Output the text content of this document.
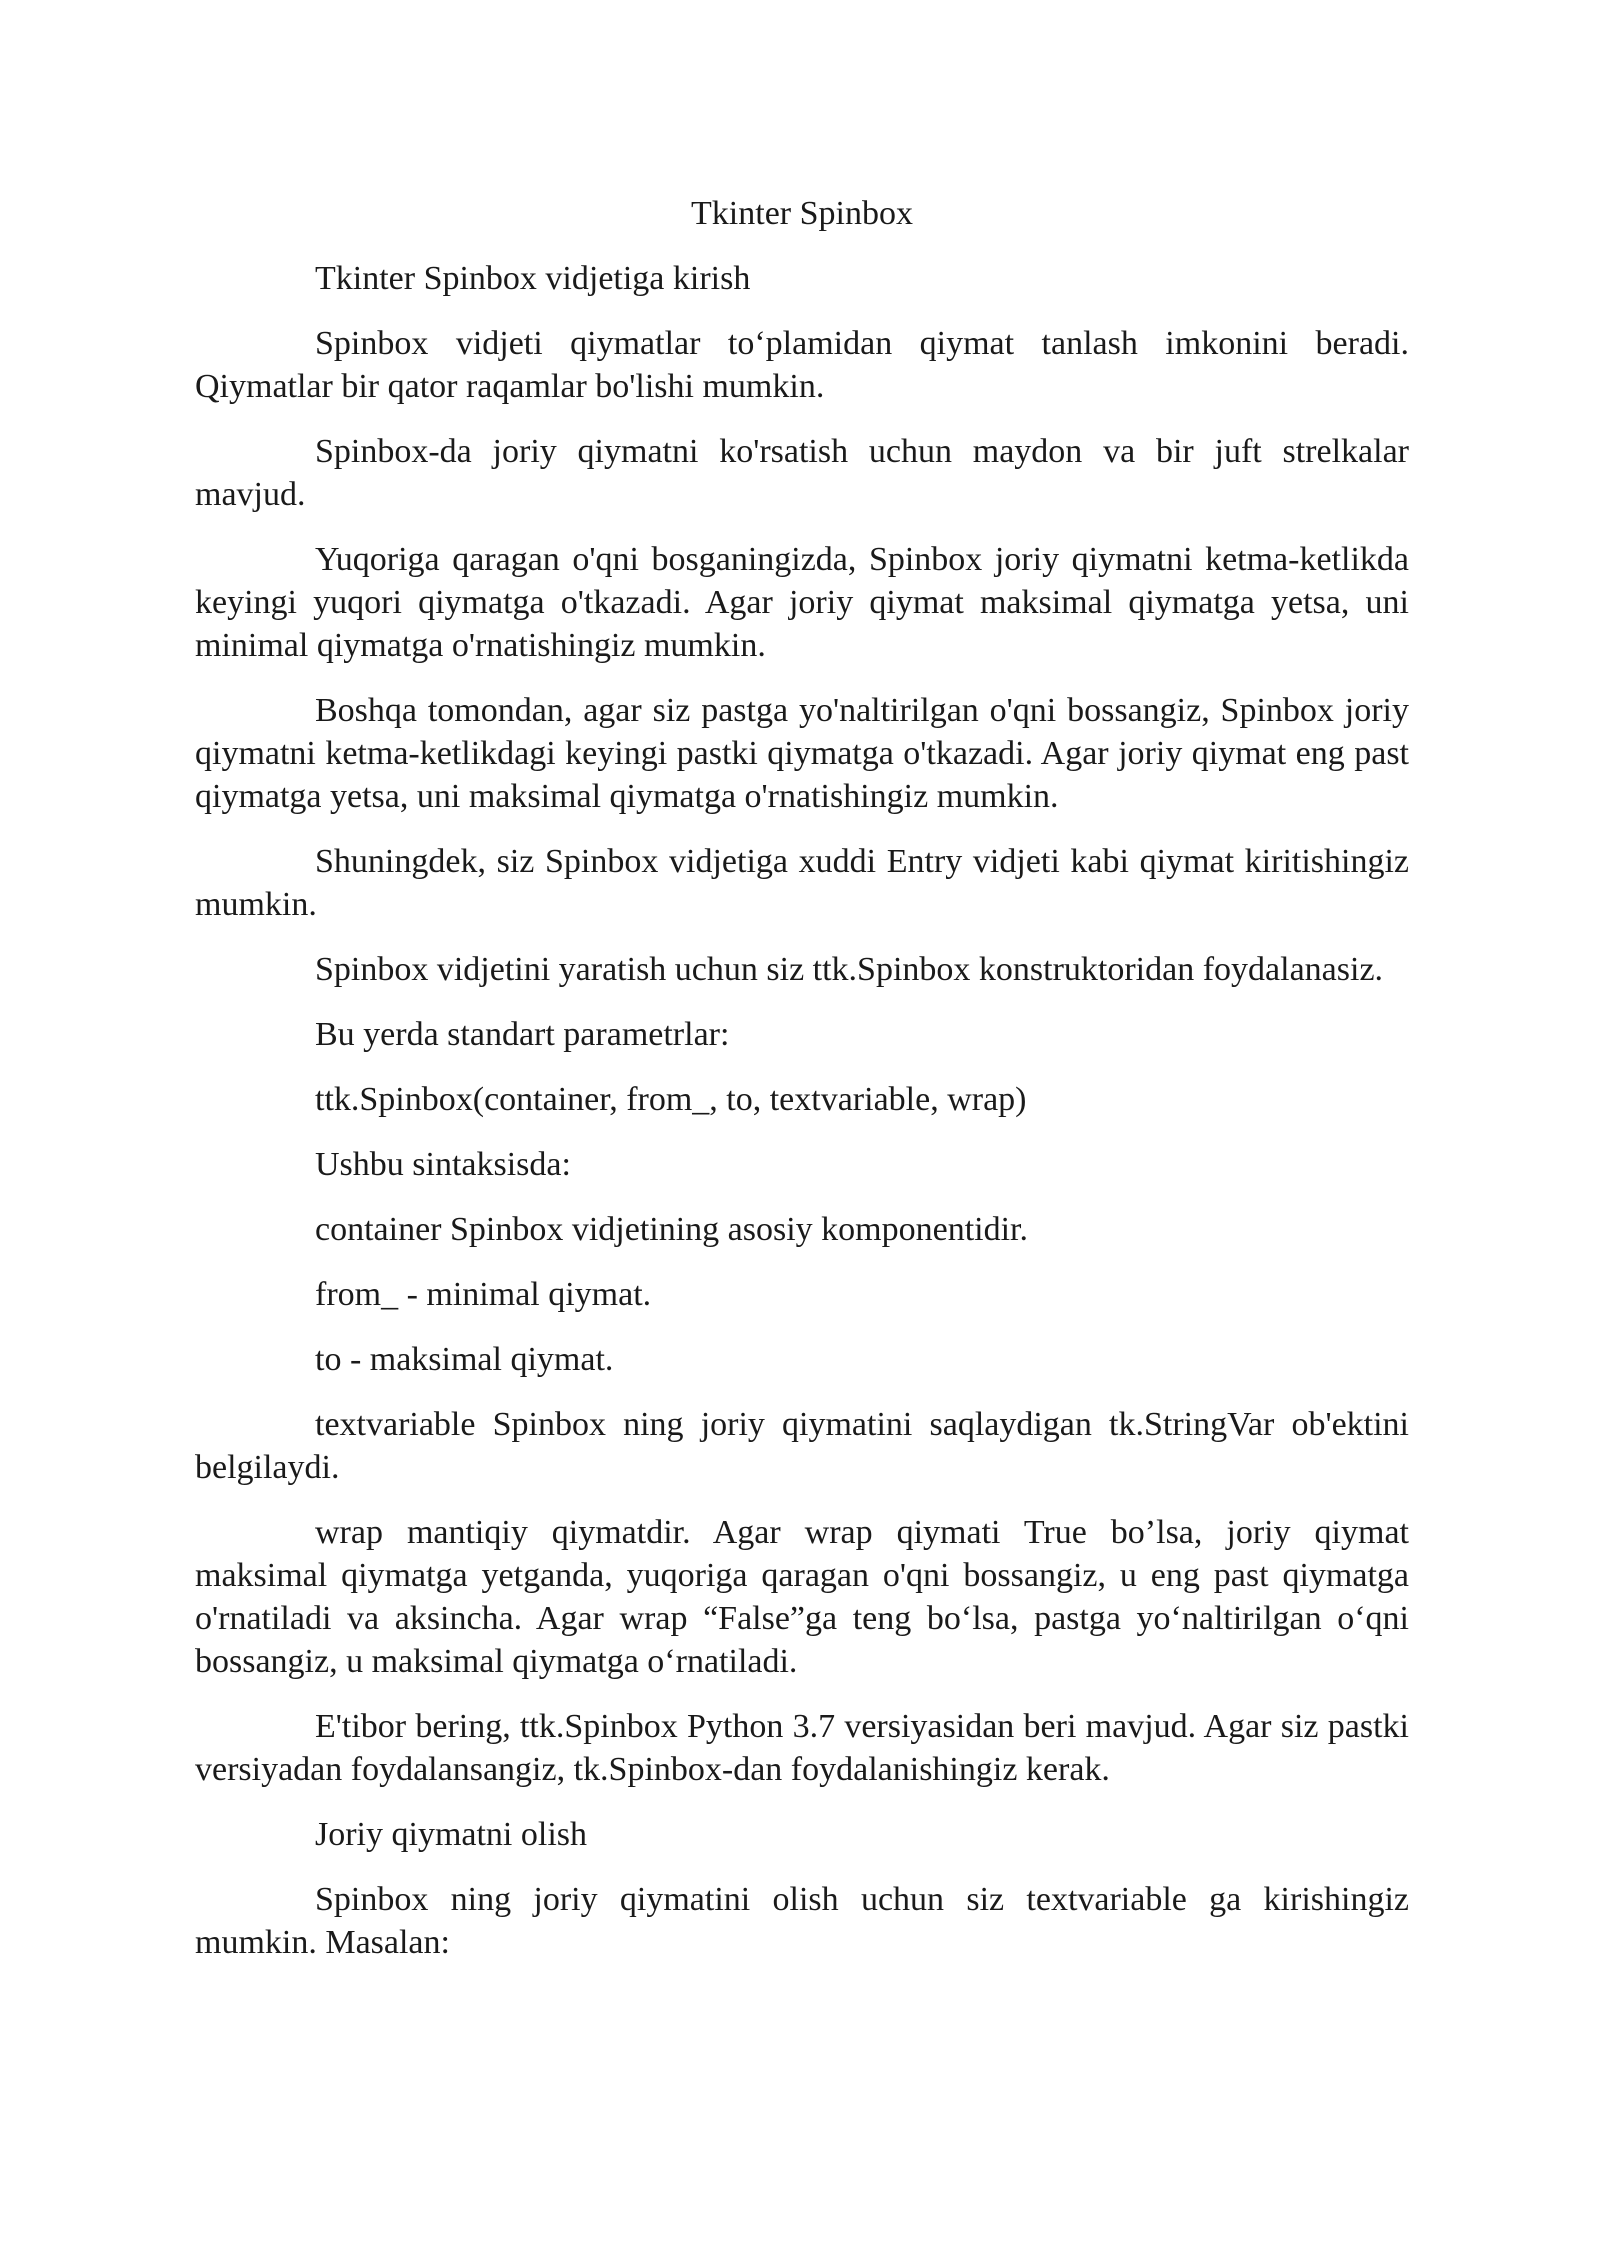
Tkinter Spinbox

Tkinter Spinbox vidjetiga kirish

Spinbox vidjeti qiymatlar to‘plamidan qiymat tanlash imkonini beradi. Qiymatlar bir qator raqamlar bo'lishi mumkin.

Spinbox-da joriy qiymatni ko'rsatish uchun maydon va bir juft strelkalar mavjud.

Yuqoriga qaragan o'qni bosganingizda, Spinbox joriy qiymatni ketma-ketlikda keyingi yuqori qiymatga o'tkazadi. Agar joriy qiymat maksimal qiymatga yetsa, uni minimal qiymatga o'rnatishingiz mumkin.

Boshqa tomondan, agar siz pastga yo'naltirilgan o'qni bossangiz, Spinbox joriy qiymatni ketma-ketlikdagi keyingi pastki qiymatga o'tkazadi. Agar joriy qiymat eng past qiymatga yetsa, uni maksimal qiymatga o'rnatishingiz mumkin.

Shuningdek, siz Spinbox vidjetiga xuddi Entry vidjeti kabi qiymat kiritishingiz mumkin.

Spinbox vidjetini yaratish uchun siz ttk.Spinbox konstruktoridan foydalanasiz.

Bu yerda standart parametrlar:

ttk.Spinbox(container, from_, to, textvariable, wrap)

Ushbu sintaksisda:

container Spinbox vidjetining asosiy komponentidir.

from_ - minimal qiymat.

to - maksimal qiymat.

textvariable Spinbox ning joriy qiymatini saqlaydigan tk.StringVar ob'ektini belgilaydi.

wrap mantiqiy qiymatdir. Agar wrap qiymati True bo’lsa, joriy qiymat maksimal qiymatga yetganda, yuqoriga qaragan o'qni bossangiz, u eng past qiymatga o'rnatiladi va aksincha. Agar wrap “False”ga teng bo‘lsa, pastga yo‘naltirilgan o‘qni bossangiz, u maksimal qiymatga o‘rnatiladi.

E'tibor bering, ttk.Spinbox Python 3.7 versiyasidan beri mavjud. Agar siz pastki versiyadan foydalansangiz, tk.Spinbox-dan foydalanishingiz kerak.

Joriy qiymatni olish

Spinbox ning joriy qiymatini olish uchun siz textvariable ga kirishingiz mumkin. Masalan:
